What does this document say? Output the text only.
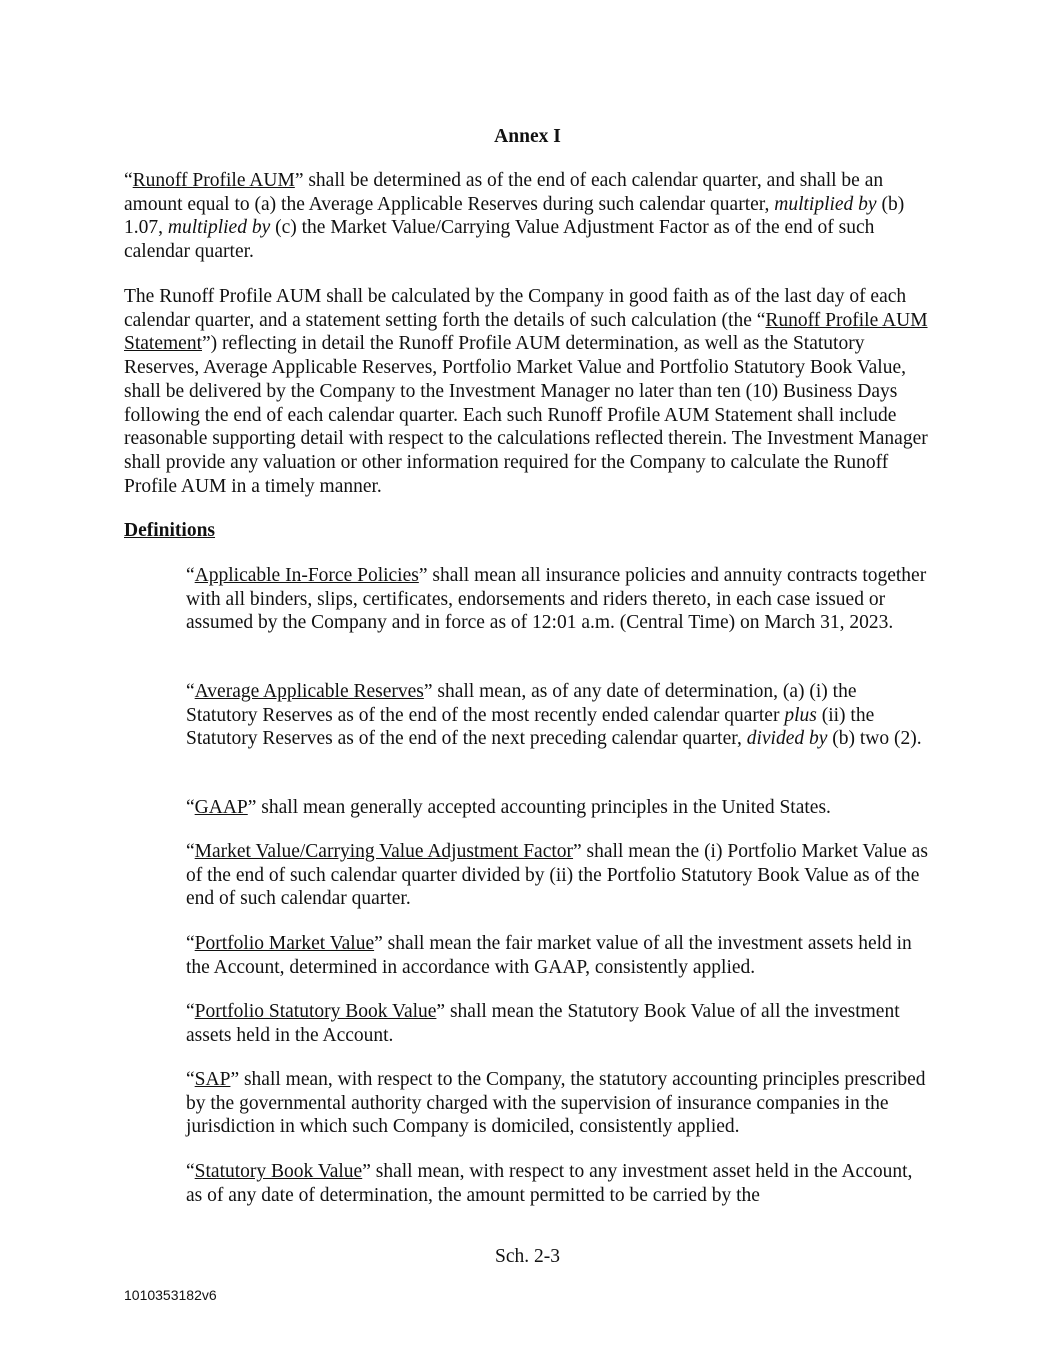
Annex I

“Runoff Profile AUM” shall be determined as of the end of each calendar quarter, and shall be an amount equal to (a) the Average Applicable Reserves during such calendar quarter, multiplied by (b) 1.07, multiplied by (c) the Market Value/Carrying Value Adjustment Factor as of the end of such calendar quarter.

The Runoff Profile AUM shall be calculated by the Company in good faith as of the last day of each calendar quarter, and a statement setting forth the details of such calculation (the “Runoff Profile AUM Statement”) reflecting in detail the Runoff Profile AUM determination, as well as the Statutory Reserves, Average Applicable Reserves, Portfolio Market Value and Portfolio Statutory Book Value, shall be delivered by the Company to the Investment Manager no later than ten (10) Business Days following the end of each calendar quarter. Each such Runoff Profile AUM Statement shall include reasonable supporting detail with respect to the calculations reflected therein. The Investment Manager shall provide any valuation or other information required for the Company to calculate the Runoff Profile AUM in a timely manner.

Definitions

“Applicable In-Force Policies” shall mean all insurance policies and annuity contracts together with all binders, slips, certificates, endorsements and riders thereto, in each case issued or assumed by the Company and in force as of 12:01 a.m. (Central Time) on March 31, 2023.

“Average Applicable Reserves” shall mean, as of any date of determination, (a) (i) the Statutory Reserves as of the end of the most recently ended calendar quarter plus (ii) the Statutory Reserves as of the end of the next preceding calendar quarter, divided by (b) two (2).

“GAAP” shall mean generally accepted accounting principles in the United States.

“Market Value/Carrying Value Adjustment Factor” shall mean the (i) Portfolio Market Value as of the end of such calendar quarter divided by (ii) the Portfolio Statutory Book Value as of the end of such calendar quarter.

“Portfolio Market Value” shall mean the fair market value of all the investment assets held in the Account, determined in accordance with GAAP, consistently applied.

“Portfolio Statutory Book Value” shall mean the Statutory Book Value of all the investment assets held in the Account.

“SAP” shall mean, with respect to the Company, the statutory accounting principles prescribed by the governmental authority charged with the supervision of insurance companies in the jurisdiction in which such Company is domiciled, consistently applied.

“Statutory Book Value” shall mean, with respect to any investment asset held in the Account, as of any date of determination, the amount permitted to be carried by the

Sch. 2-3

1010353182v6
